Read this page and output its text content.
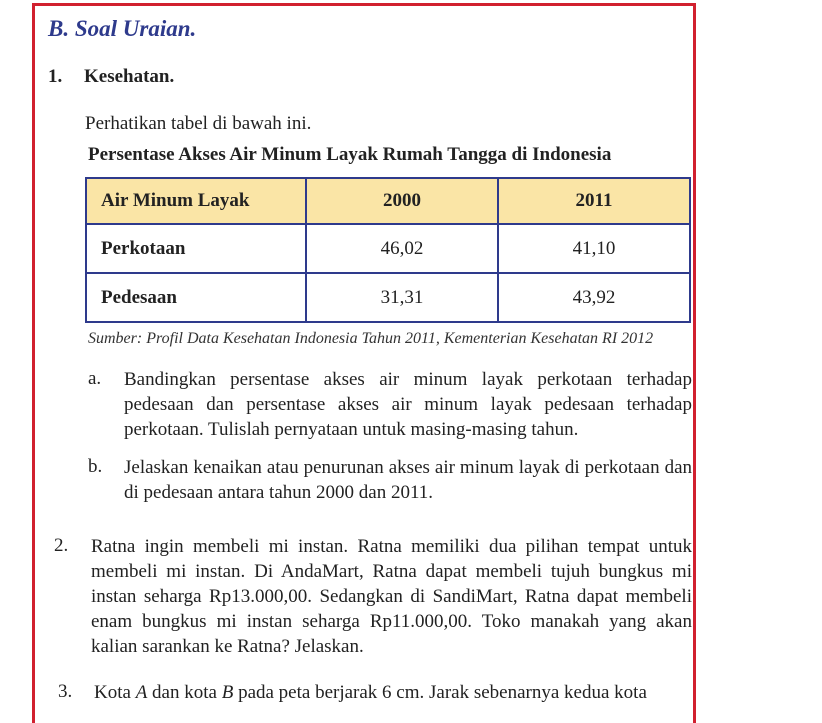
B. Soal Uraian.
1. Kesehatan.
Perhatikan tabel di bawah ini.
Persentase Akses Air Minum Layak Rumah Tangga di Indonesia
Air Minum Layak	2000	2011
Perkotaan	46,02	41,10
Pedesaan	31,31	43,92
Sumber: Profil Data Kesehatan Indonesia Tahun 2011, Kementerian Kesehatan RI 2012
a. Bandingkan persentase akses air minum layak perkotaan terhadap pedesaan dan persentase akses air minum layak pedesaan terhadap perkotaan. Tulislah pernyataan untuk masing-masing tahun.
b. Jelaskan kenaikan atau penurunan akses air minum layak di perkotaan dan di pedesaan antara tahun 2000 dan 2011.
2. Ratna ingin membeli mi instan. Ratna memiliki dua pilihan tempat untuk membeli mi instan. Di AndaMart, Ratna dapat membeli tujuh bungkus mi instan seharga Rp13.000,00. Sedangkan di SandiMart, Ratna dapat membeli enam bungkus mi instan seharga Rp11.000,00. Toko manakah yang akan kalian sarankan ke Ratna? Jelaskan.
3. Kota A dan kota B pada peta berjarak 6 cm. Jarak sebenarnya kedua kota
